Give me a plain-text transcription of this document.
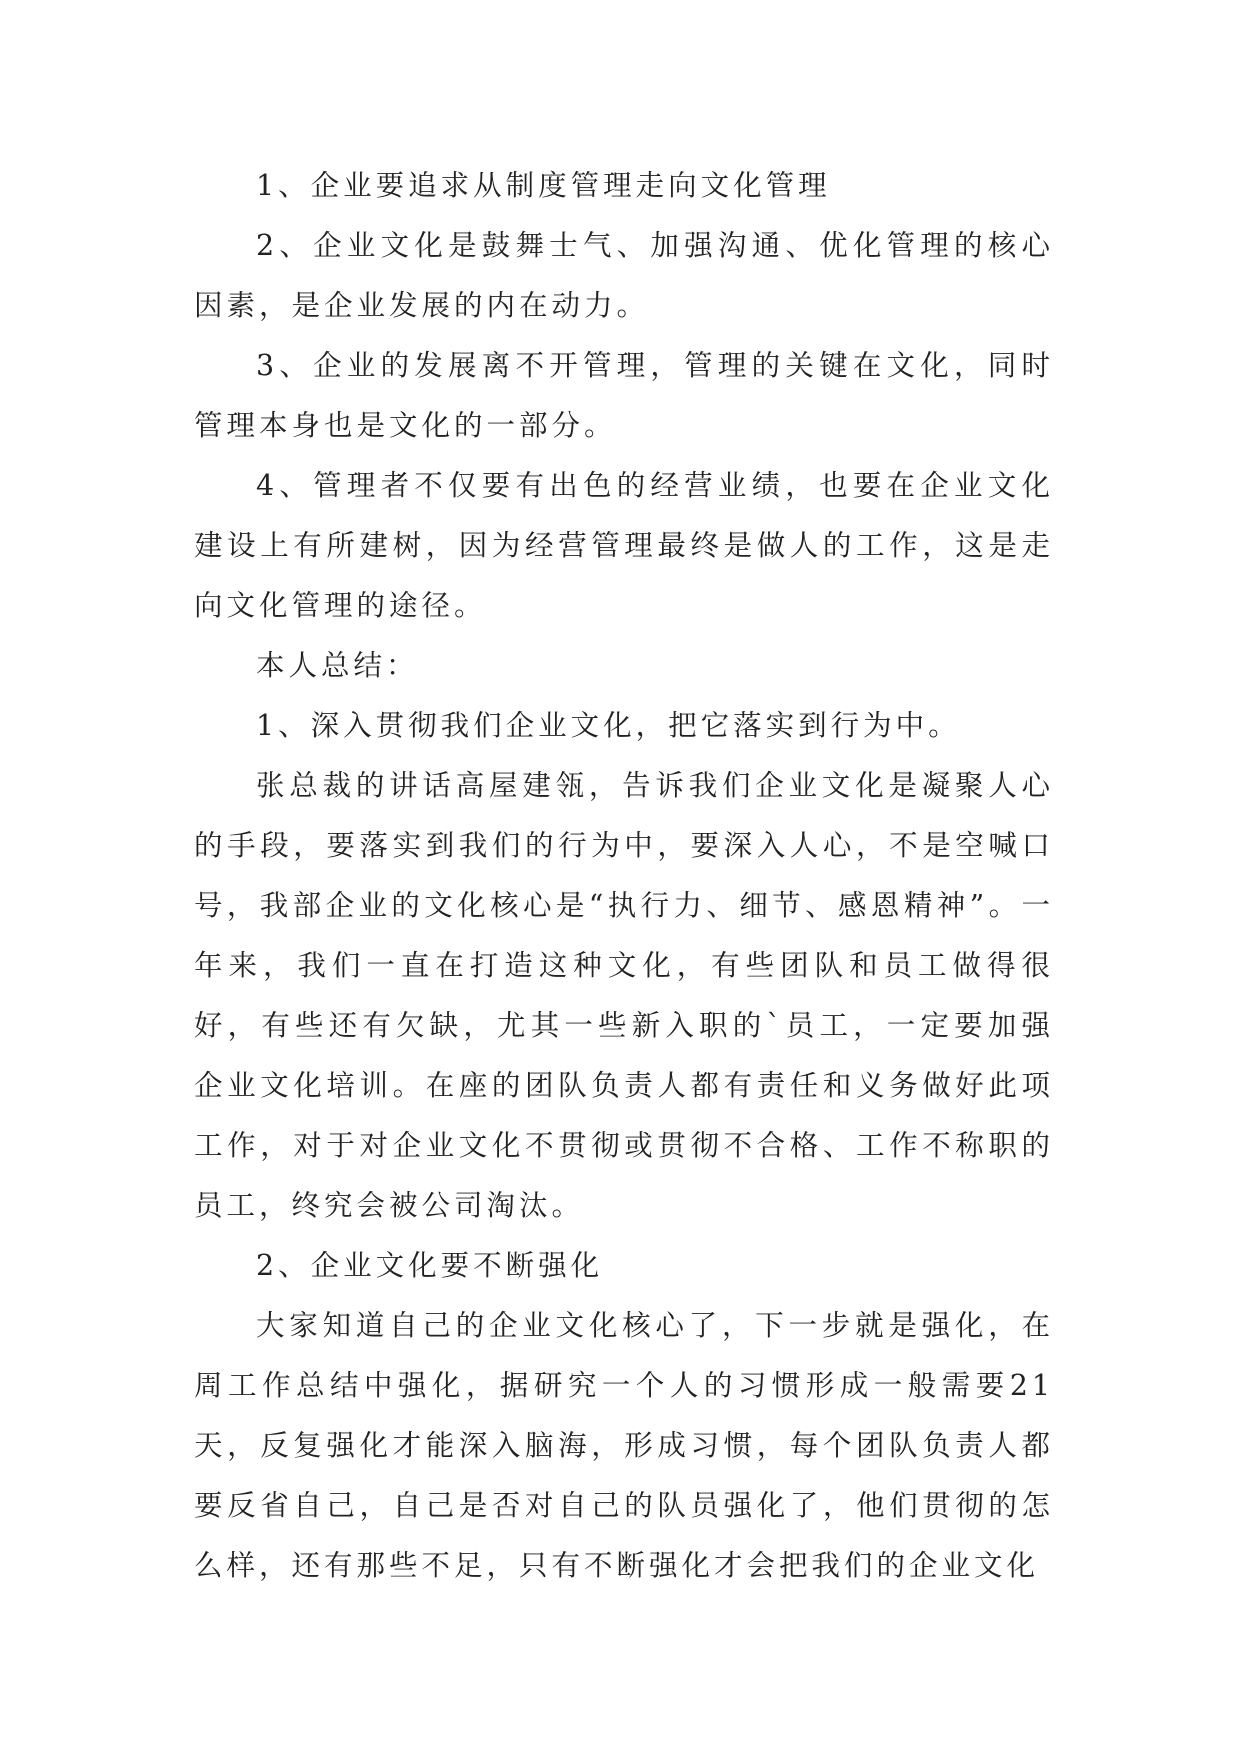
1、企业要追求从制度管理走向文化管理

2、企业文化是鼓舞士气、加强沟通、优化管理的核心因素，是企业发展的内在动力。

3、企业的发展离不开管理，管理的关键在文化，同时管理本身也是文化的一部分。

4、管理者不仅要有出色的经营业绩，也要在企业文化建设上有所建树，因为经营管理最终是做人的工作，这是走向文化管理的途径。

本人总结：

1、深入贯彻我们企业文化，把它落实到行为中。

张总裁的讲话高屋建瓴，告诉我们企业文化是凝聚人心的手段，要落实到我们的行为中，要深入人心，不是空喊口号，我部企业的文化核心是“执行力、细节、感恩精神”。一年来，我们一直在打造这种文化，有些团队和员工做得很好，有些还有欠缺，尤其一些新入职的`员工，一定要加强企业文化培训。在座的团队负责人都有责任和义务做好此项工作，对于对企业文化不贯彻或贯彻不合格、工作不称职的员工，终究会被公司淘汰。

2、企业文化要不断强化

大家知道自己的企业文化核心了，下一步就是强化，在周工作总结中强化，据研究一个人的习惯形成一般需要21天，反复强化才能深入脑海，形成习惯，每个团队负责人都要反省自己，自己是否对自己的队员强化了，他们贯彻的怎么样，还有那些不足，只有不断强化才会把我们的企业文化
